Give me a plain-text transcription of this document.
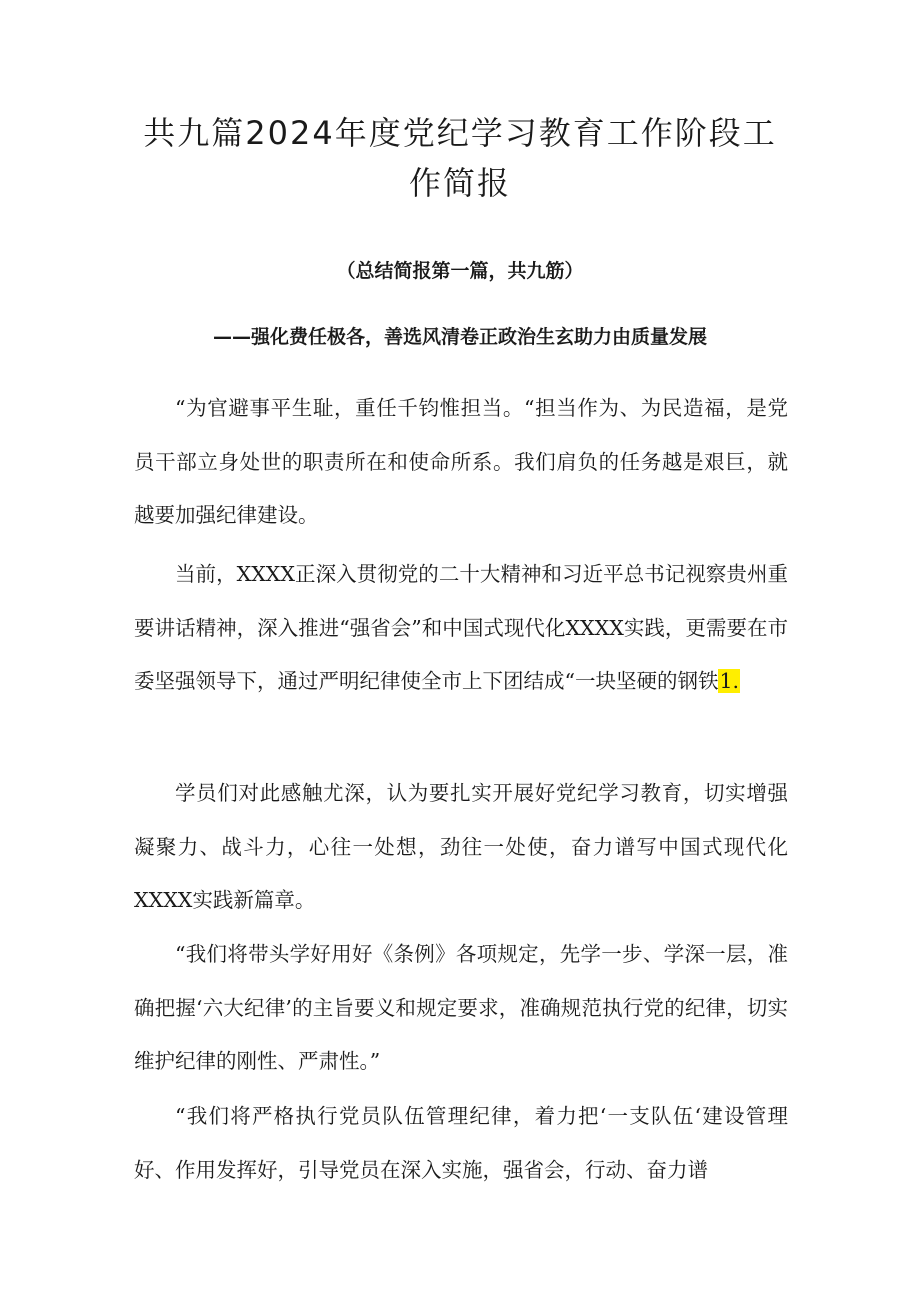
共九篇2024年度党纪学习教育工作阶段工
作简报
（总结简报第一篇，共九筋）
——强化费任极各，善选风清卷正政治生玄助力由质量发展

“为官避事平生耻，重任千钧惟担当。“担当作为、为民造福，是党员干部立身处世的职责所在和使命所系。我们肩负的任务越是艰巨，就越要加强纪律建设。

当前，XXXX正深入贯彻党的二十大精神和习近平总书记视察贵州重要讲话精神，深入推进“强省会”和中国式现代化XXXX实践，更需要在市委坚强领导下，通过严明纪律使全市上下团结成“一块坚硬的钢铁1.

学员们对此感触尤深，认为要扎实开展好党纪学习教育，切实增强凝聚力、战斗力，心往一处想，劲往一处使，奋力谱写中国式现代化XXXX实践新篇章。

“我们将带头学好用好《条例》各项规定，先学一步、学深一层，准确把握‘六大纪律’的主旨要义和规定要求，准确规范执行党的纪律，切实维护纪律的刚性、严肃性。”

“我们将严格执行党员队伍管理纪律，着力把‘一支队伍‘建设管理好、作用发挥好，引导党员在深入实施，强省会，行动、奋力谱
